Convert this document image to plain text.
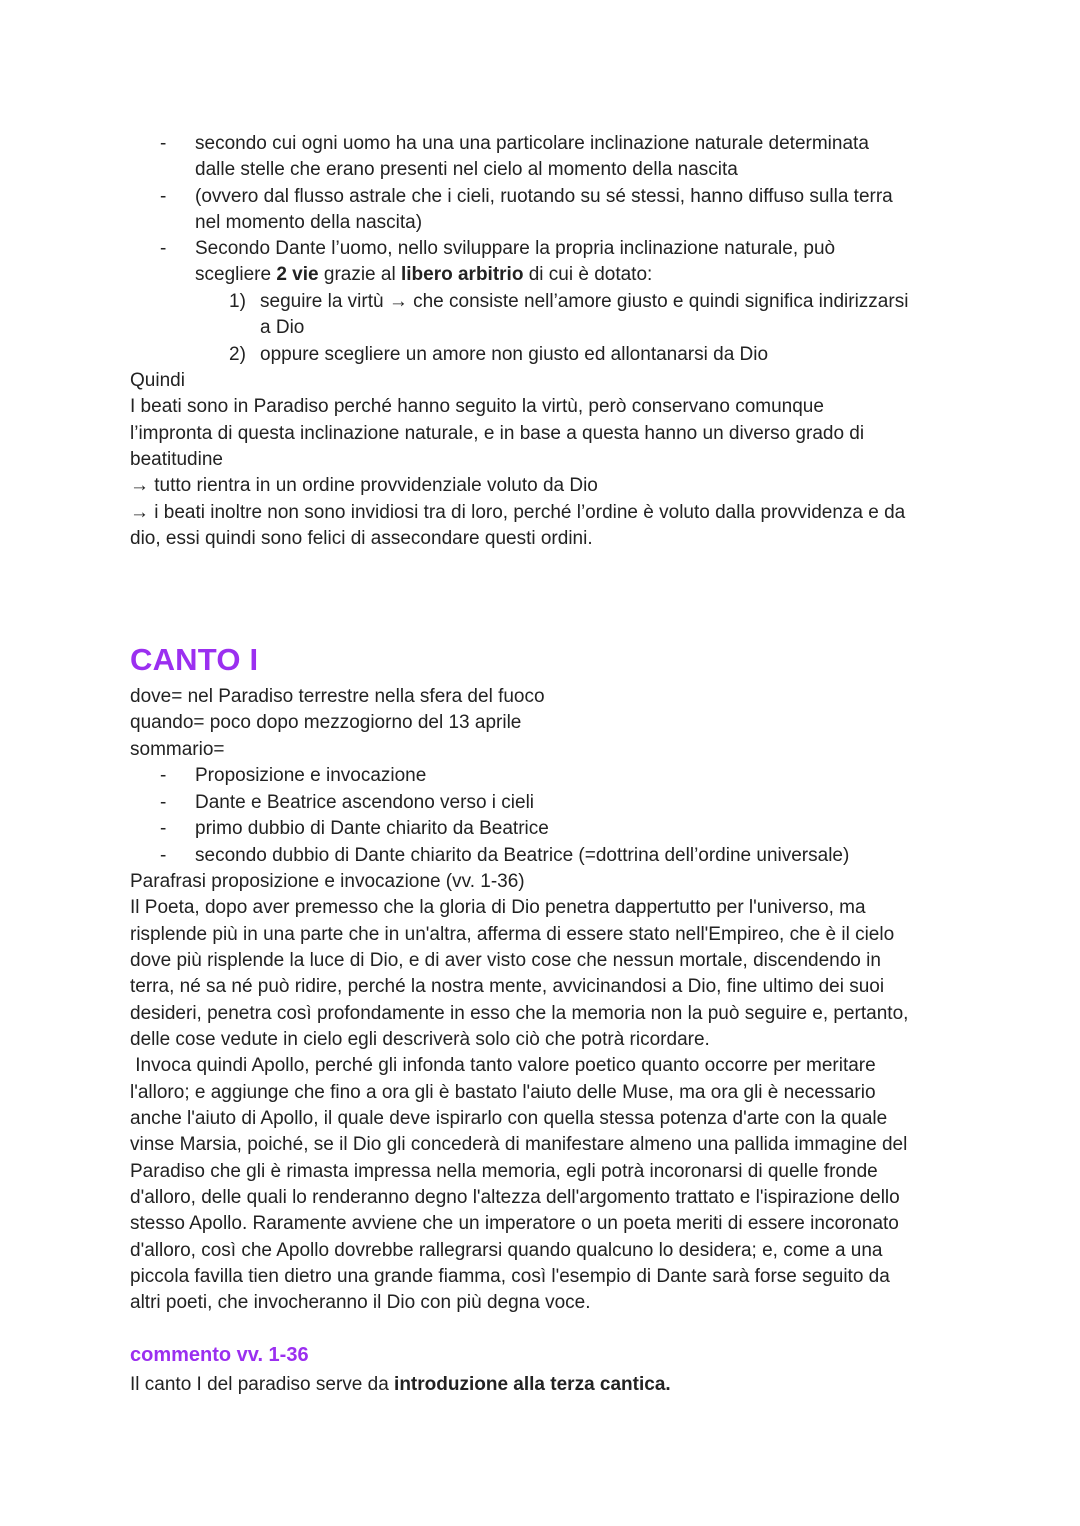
- secondo cui ogni uomo ha una una particolare inclinazione naturale determinata
dalle stelle che erano presenti nel cielo al momento della nascita
- (ovvero dal flusso astrale che i cieli, ruotando su sé stessi, hanno diffuso sulla terra
nel momento della nascita)
- Secondo Dante l’uomo, nello sviluppare la propria inclinazione naturale, può
scegliere 2 vie grazie al libero arbitrio di cui è dotato:
1) seguire la virtù → che consiste nell’amore giusto e quindi significa indirizzarsi
a Dio
2) oppure scegliere un amore non giusto ed allontanarsi da Dio
Quindi
I beati sono in Paradiso perché hanno seguito la virtù, però conservano comunque
l’impronta di questa inclinazione naturale, e in base a questa hanno un diverso grado di
beatitudine
→ tutto rientra in un ordine provvidenziale voluto da Dio
→ i beati inoltre non sono invidiosi tra di loro, perché l’ordine è voluto dalla provvidenza e da
dio, essi quindi sono felici di assecondare questi ordini.
CANTO I
dove= nel Paradiso terrestre nella sfera del fuoco
quando= poco dopo mezzogiorno del 13 aprile
sommario=
- Proposizione e invocazione
- Dante e Beatrice ascendono verso i cieli
- primo dubbio di Dante chiarito da Beatrice
- secondo dubbio di Dante chiarito da Beatrice (=dottrina dell’ordine universale)
Parafrasi proposizione e invocazione (vv. 1-36)
Il Poeta, dopo aver premesso che la gloria di Dio penetra dappertutto per l'universo, ma
risplende più in una parte che in un'altra, afferma di essere stato nell'Empireo, che è il cielo
dove più risplende la luce di Dio, e di aver visto cose che nessun mortale, discendendo in
terra, né sa né può ridire, perché la nostra mente, avvicinandosi a Dio, fine ultimo dei suoi
desideri, penetra così profondamente in esso che la memoria non la può seguire e, pertanto,
delle cose vedute in cielo egli descriverà solo ciò che potrà ricordare.
Invoca quindi Apollo, perché gli infonda tanto valore poetico quanto occorre per meritare
l'alloro; e aggiunge che fino a ora gli è bastato l'aiuto delle Muse, ma ora gli è necessario
anche l'aiuto di Apollo, il quale deve ispirarlo con quella stessa potenza d'arte con la quale
vinse Marsia, poiché, se il Dio gli concederà di manifestare almeno una pallida immagine del
Paradiso che gli è rimasta impressa nella memoria, egli potrà incoronarsi di quelle fronde
d'alloro, delle quali lo renderanno degno l'altezza dell'argomento trattato e l'ispirazione dello
stesso Apollo. Raramente avviene che un imperatore o un poeta meriti di essere incoronato
d'alloro, così che Apollo dovrebbe rallegrarsi quando qualcuno lo desidera; e, come a una
piccola favilla tien dietro una grande fiamma, così l'esempio di Dante sarà forse seguito da
altri poeti, che invocheranno il Dio con più degna voce.
commento vv. 1-36
Il canto I del paradiso serve da introduzione alla terza cantica.
